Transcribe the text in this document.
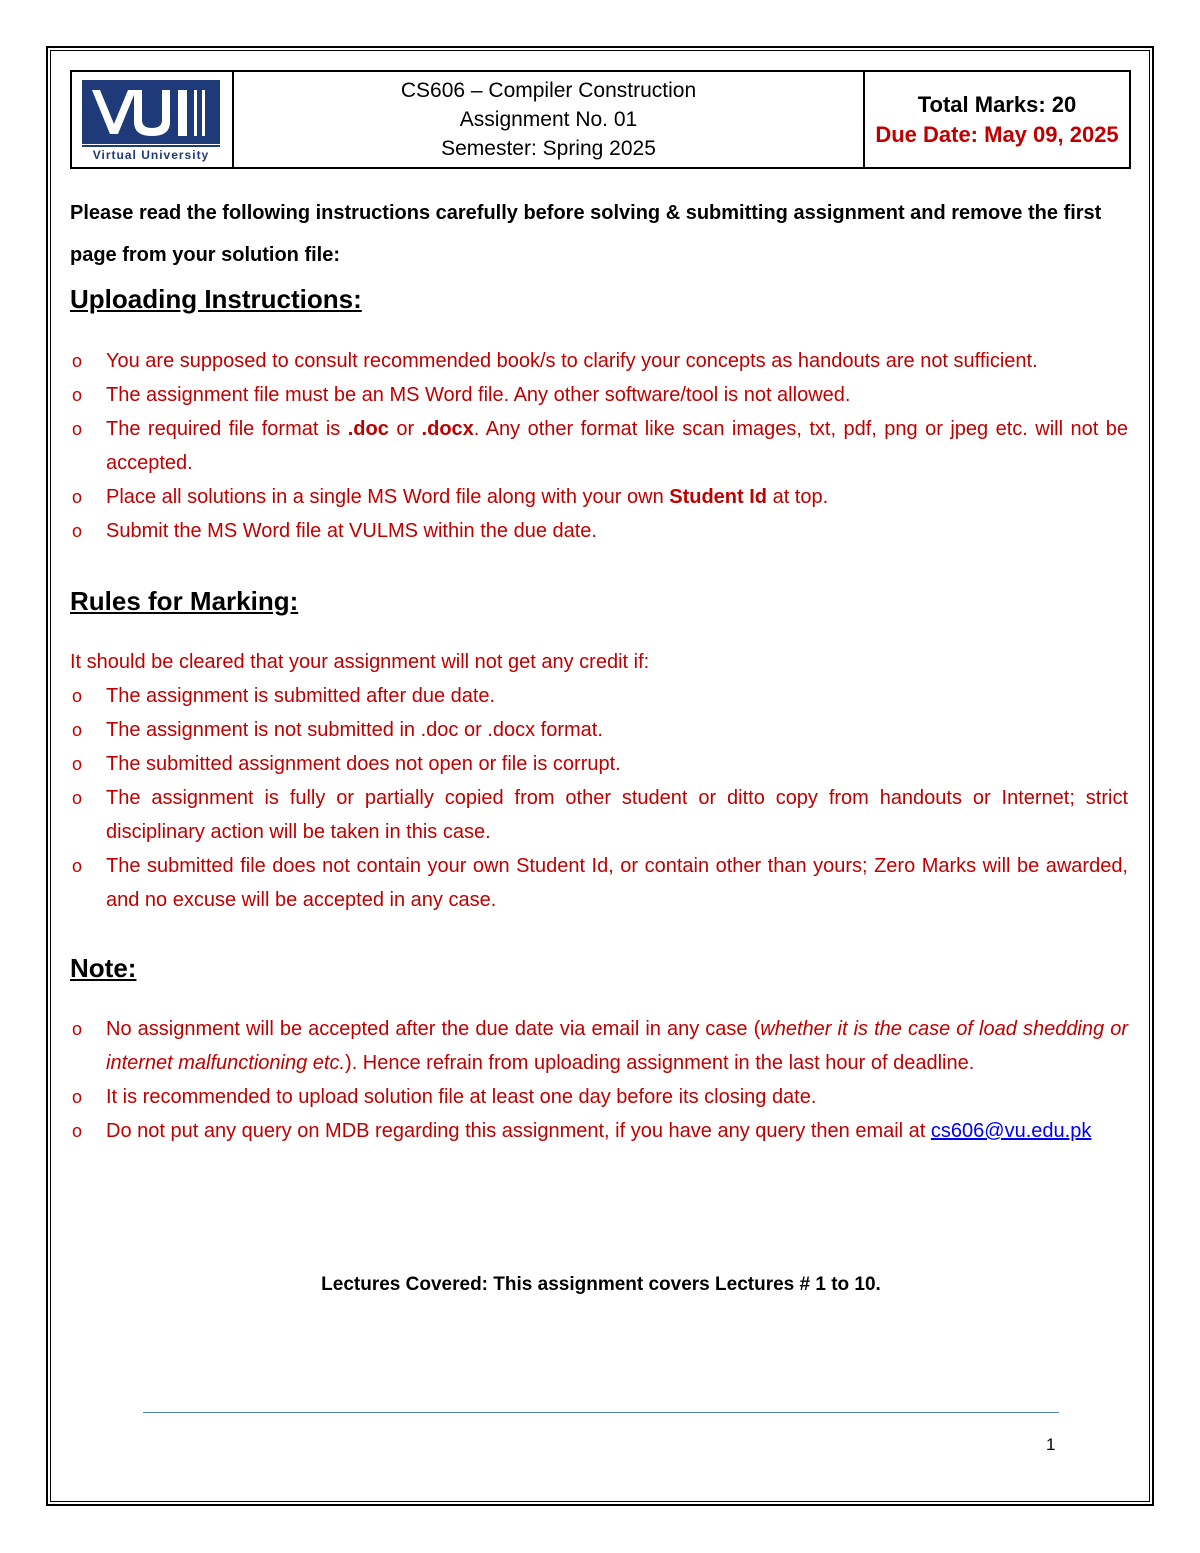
Virtual University
CS606 – Compiler Construction
Assignment No. 01
Semester: Spring 2025
Total Marks: 20
Due Date: May 09, 2025
Please read the following instructions carefully before solving & submitting assignment and remove the first page from your solution file:
Uploading Instructions:
o You are supposed to consult recommended book/s to clarify your concepts as handouts are not sufficient.
o The assignment file must be an MS Word file. Any other software/tool is not allowed.
o The required file format is .doc or .docx. Any other format like scan images, txt, pdf, png or jpeg etc. will not be accepted.
o Place all solutions in a single MS Word file along with your own Student Id at top.
o Submit the MS Word file at VULMS within the due date.
Rules for Marking:
It should be cleared that your assignment will not get any credit if:
o The assignment is submitted after due date.
o The assignment is not submitted in .doc or .docx format.
o The submitted assignment does not open or file is corrupt.
o The assignment is fully or partially copied from other student or ditto copy from handouts or Internet; strict disciplinary action will be taken in this case.
o The submitted file does not contain your own Student Id, or contain other than yours; Zero Marks will be awarded, and no excuse will be accepted in any case.
Note:
o No assignment will be accepted after the due date via email in any case (whether it is the case of load shedding or internet malfunctioning etc.). Hence refrain from uploading assignment in the last hour of deadline.
o It is recommended to upload solution file at least one day before its closing date.
o Do not put any query on MDB regarding this assignment, if you have any query then email at cs606@vu.edu.pk
Lectures Covered: This assignment covers Lectures # 1 to 10.
1
